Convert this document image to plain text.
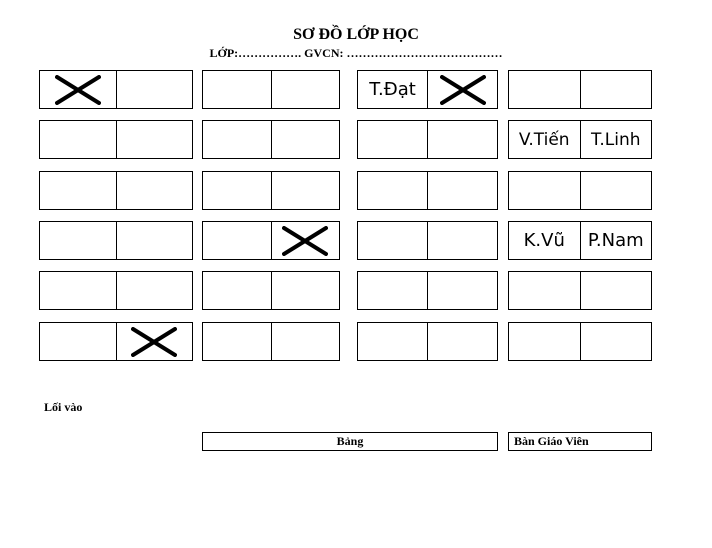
SƠ ĐỒ LỚP HỌC
LỚP:……………. GVCN: …………………………………
T.Đạt
V.Tiến T.Linh
K.Vũ P.Nam
Lối vào
Bảng	Bàn Giáo Viên
